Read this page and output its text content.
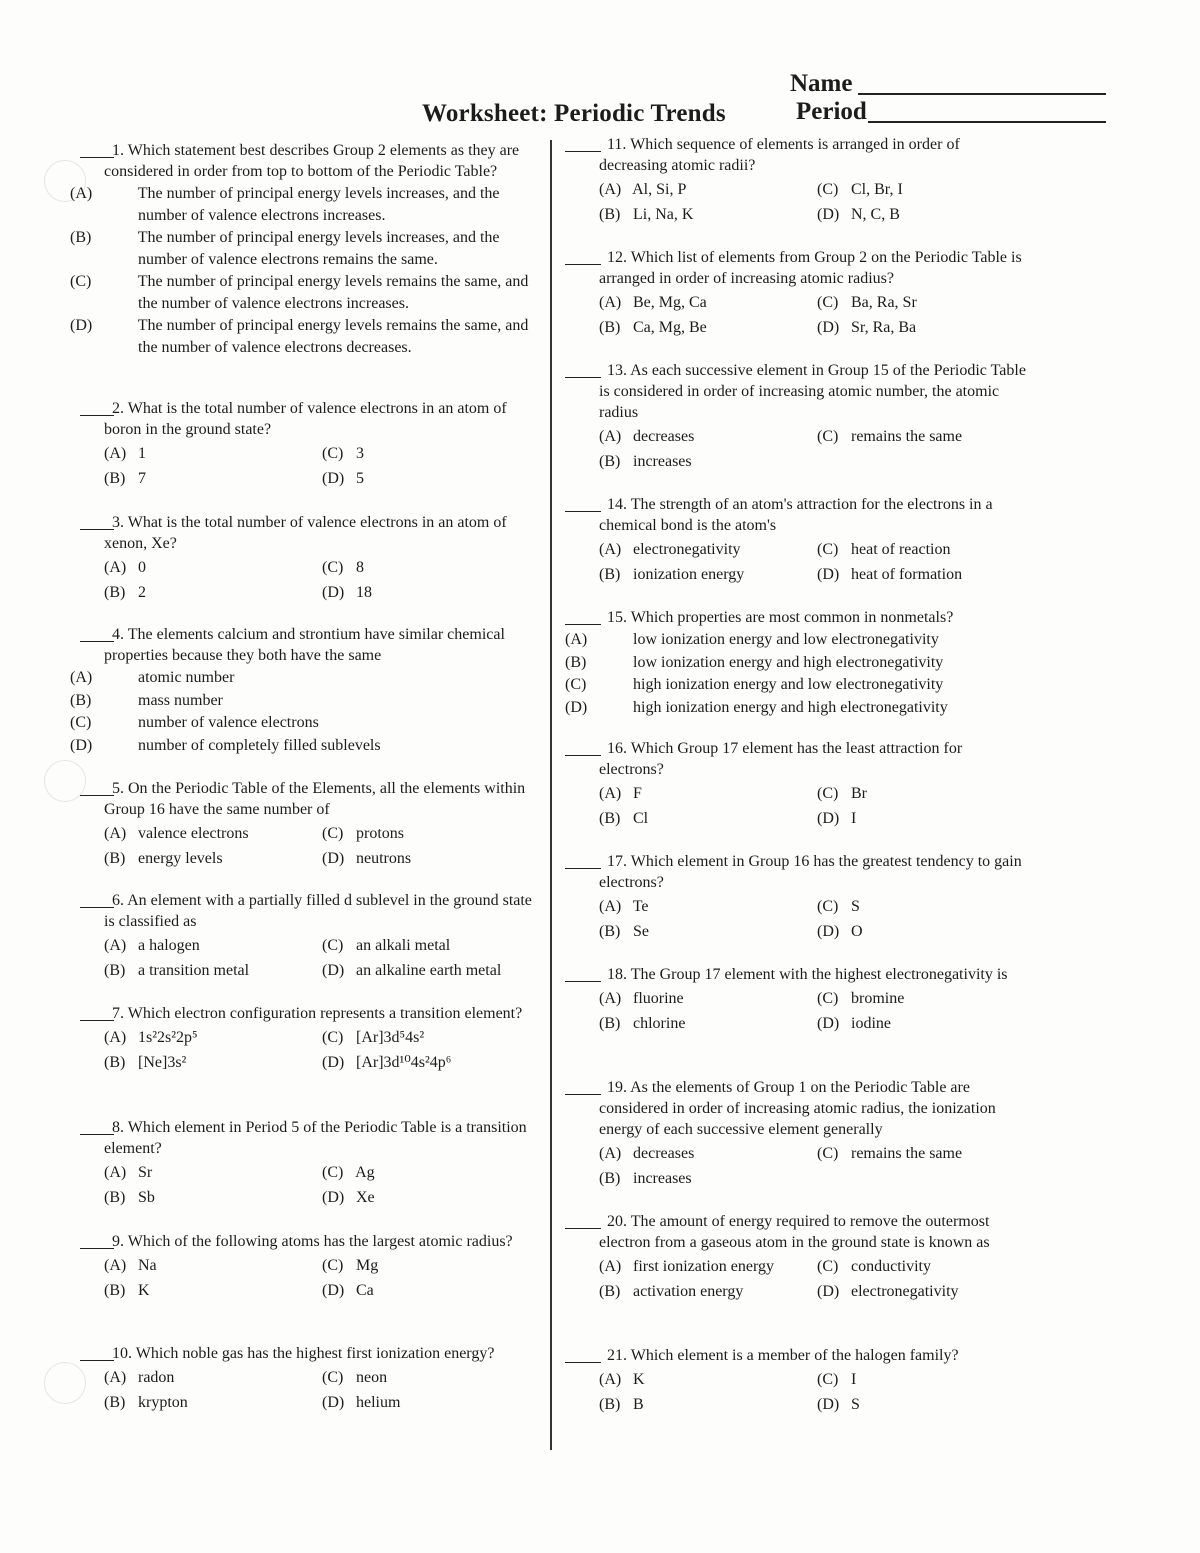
Worksheet: Periodic Trends
Name
Period

1. Which statement best describes Group 2 elements as they are considered in order from top to bottom of the Periodic Table?

(A)	The number of principal energy levels increases, and the number of valence electrons increases.
(B)	The number of principal energy levels increases, and the number of valence electrons remains the same.
(C)	The number of principal energy levels remains the same, and the number of valence electrons increases.
(D)	The number of principal energy levels remains the same, and the number of valence electrons decreases.

2. What is the total number of valence electrons in an atom of boron in the ground state?

(A) 1	(C) 3
(B) 7	(D) 5

3. What is the total number of valence electrons in an atom of xenon, Xe?

(A) 0	(C) 8
(B) 2	(D) 18

4. The elements calcium and strontium have similar chemical properties because they both have the same

(A)	atomic number
(B)	mass number
(C)	number of valence electrons
(D)	number of completely filled sublevels

5. On the Periodic Table of the Elements, all the elements within Group 16 have the same number of

(A) valence electrons	(C) protons
(B) energy levels	(D) neutrons

6. An element with a partially filled d sublevel in the ground state is classified as

(A) a halogen	(C) an alkali metal
(B) a transition metal	(D) an alkaline earth metal

7. Which electron configuration represents a transition element?

(A) 1s²2s²2p⁵	(C) [Ar]3d⁵4s²
(B) [Ne]3s²	(D) [Ar]3d¹⁰4s²4p⁶

8. Which element in Period 5 of the Periodic Table is a transition element?

(A) Sr	(C) Ag
(B) Sb	(D) Xe

9. Which of the following atoms has the largest atomic radius?

(A) Na	(C) Mg
(B) K	(D) Ca

10. Which noble gas has the highest first ionization energy?

(A) radon	(C) neon
(B) krypton	(D) helium

11. Which sequence of elements is arranged in order of decreasing atomic radii?

(A) Al, Si, P	(C) Cl, Br, I
(B) Li, Na, K	(D) N, C, B

12. Which list of elements from Group 2 on the Periodic Table is arranged in order of increasing atomic radius?

(A) Be, Mg, Ca	(C) Ba, Ra, Sr
(B) Ca, Mg, Be	(D) Sr, Ra, Ba

13. As each successive element in Group 15 of the Periodic Table is considered in order of increasing atomic number, the atomic radius

(A) decreases	(C) remains the same
(B) increases

14. The strength of an atom's attraction for the electrons in a chemical bond is the atom's

(A) electronegativity	(C) heat of reaction
(B) ionization energy	(D) heat of formation

15. Which properties are most common in nonmetals?

(A)	low ionization energy and low electronegativity
(B)	low ionization energy and high electronegativity
(C)	high ionization energy and low electronegativity
(D)	high ionization energy and high electronegativity

16. Which Group 17 element has the least attraction for electrons?

(A) F	(C) Br
(B) Cl	(D) I

17. Which element in Group 16 has the greatest tendency to gain electrons?

(A) Te	(C) S
(B) Se	(D) O

18. The Group 17 element with the highest electronegativity is

(A) fluorine	(C) bromine
(B) chlorine	(D) iodine

19. As the elements of Group 1 on the Periodic Table are considered in order of increasing atomic radius, the ionization energy of each successive element generally

(A) decreases	(C) remains the same
(B) increases

20. The amount of energy required to remove the outermost electron from a gaseous atom in the ground state is known as

(A) first ionization energy	(C) conductivity
(B) activation energy	(D) electronegativity

21. Which element is a member of the halogen family?

(A) K	(C) I
(B) B	(D) S
